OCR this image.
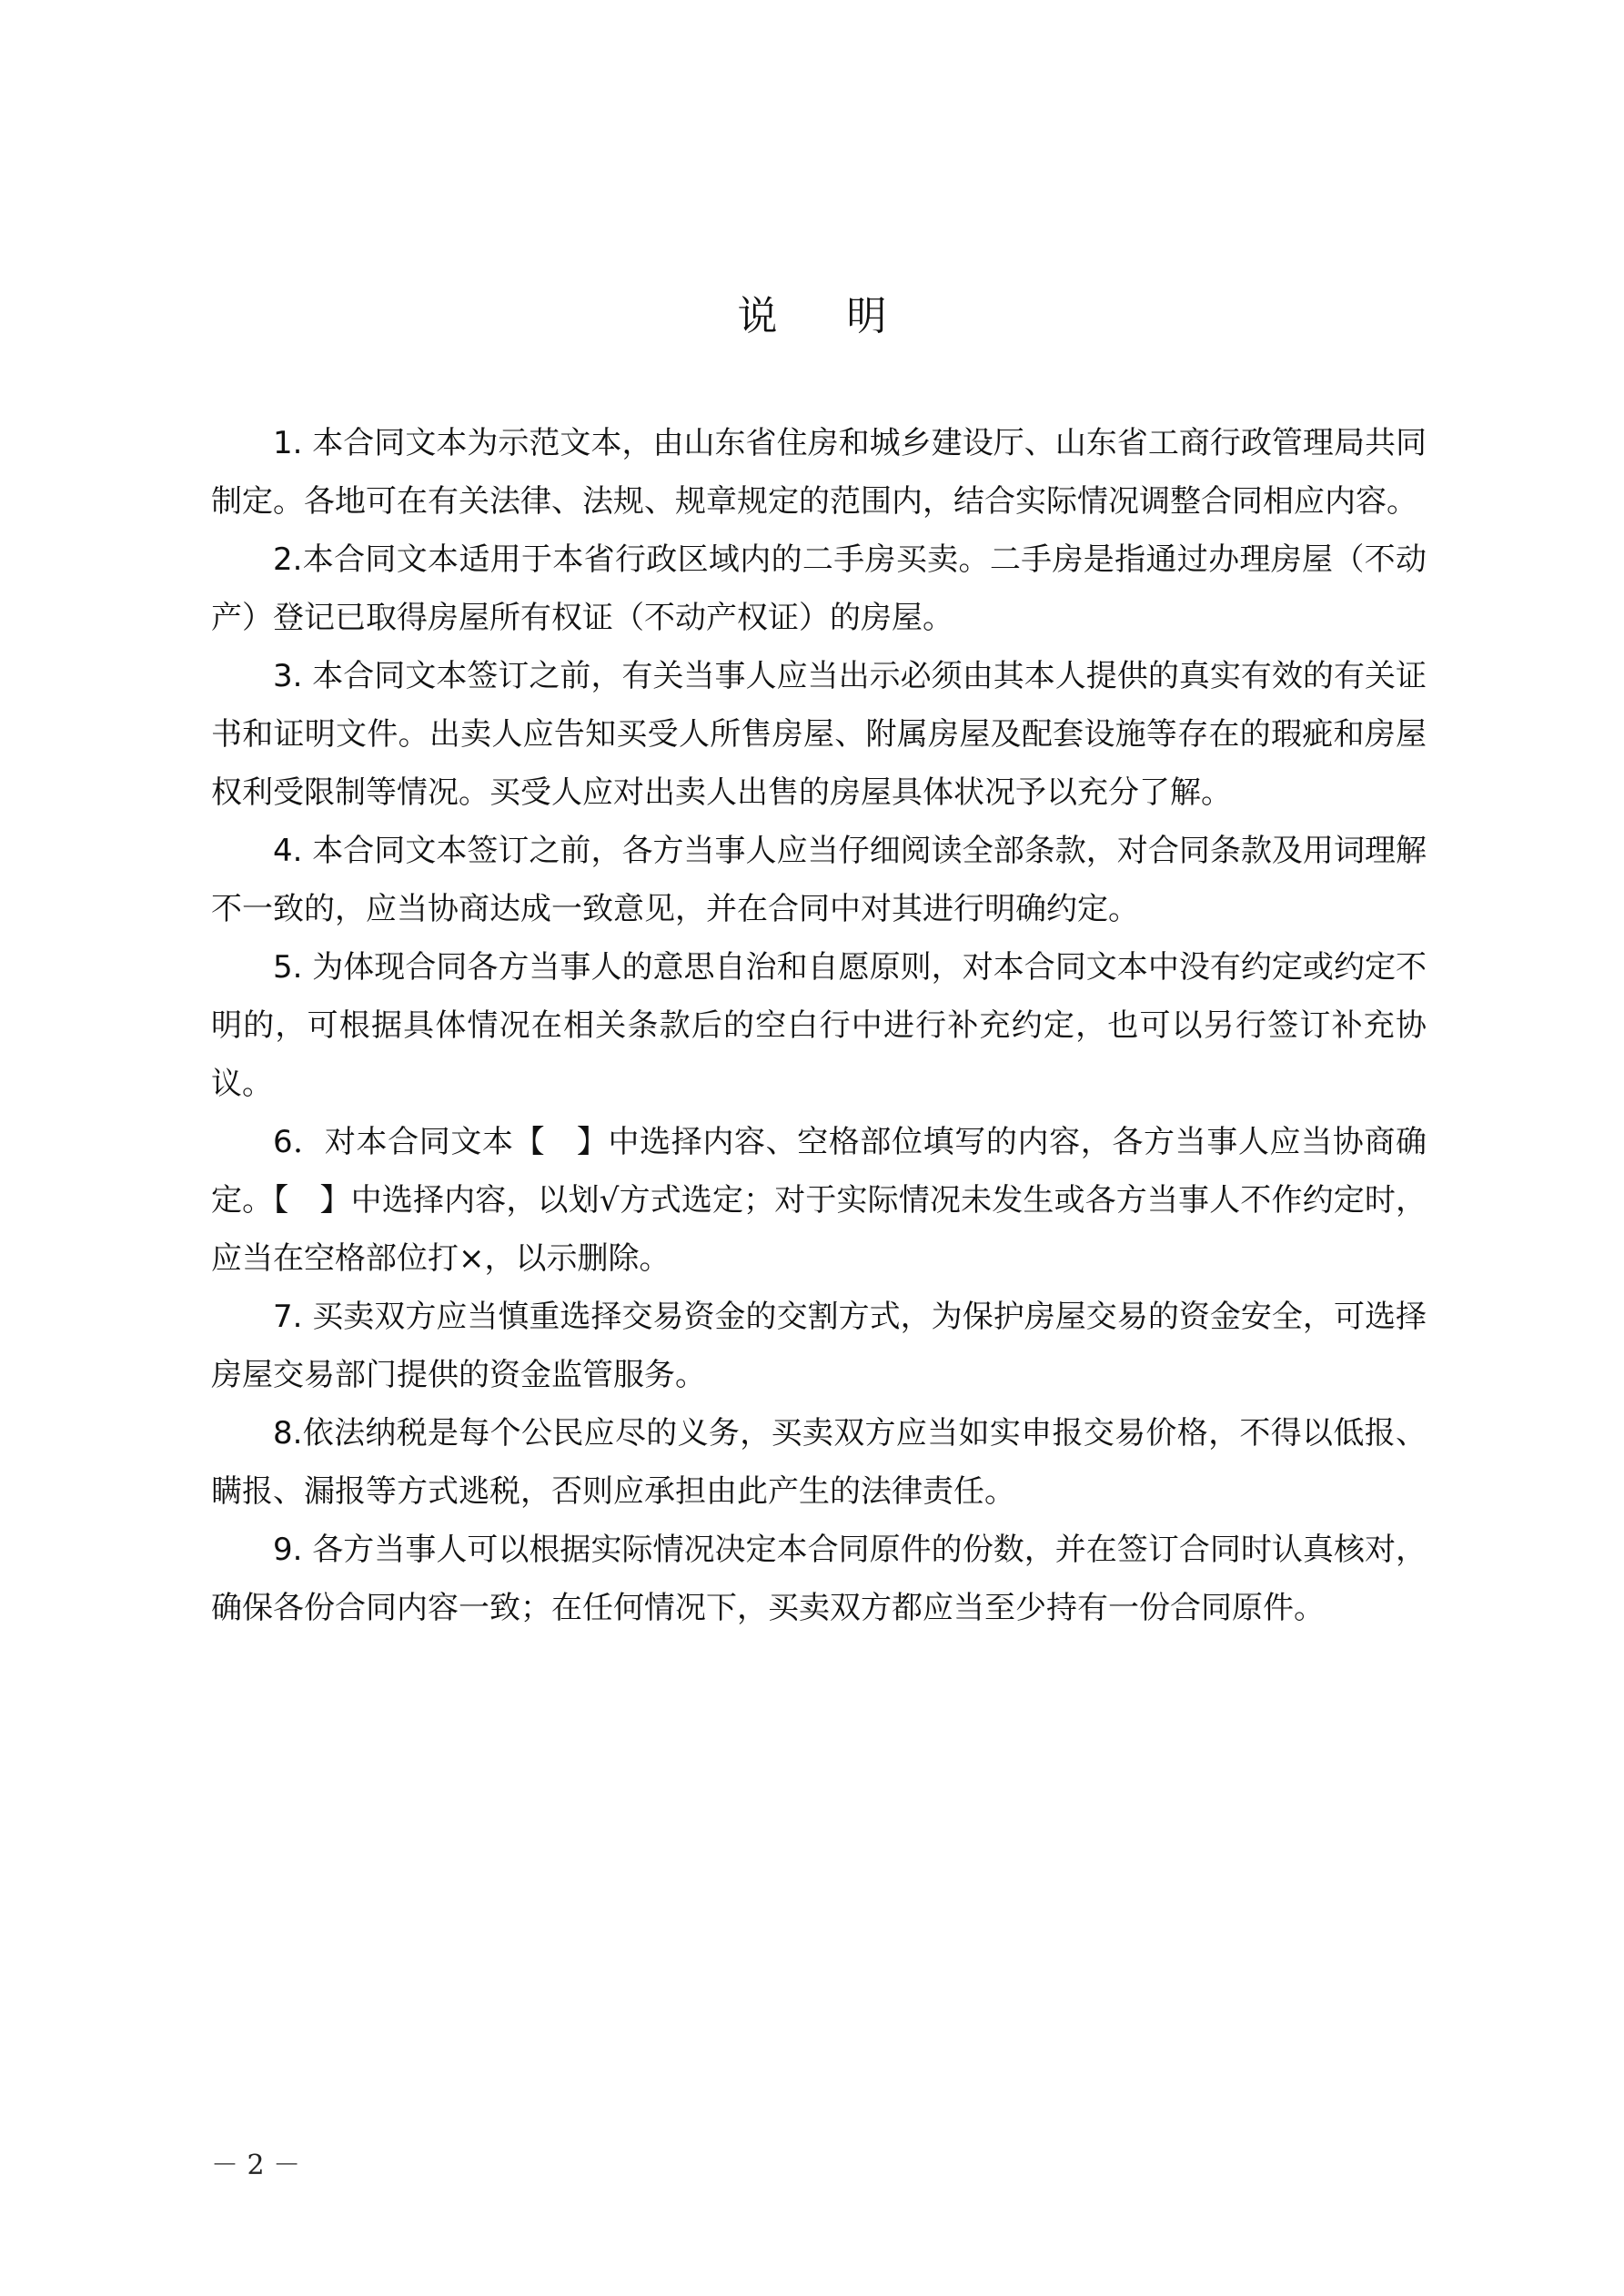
说明

1. 本合同文本为示范文本，由山东省住房和城乡建设厅、山东省工商行政管理局共同制定。各地可在有关法律、法规、规章规定的范围内，结合实际情况调整合同相应内容。

2.本合同文本适用于本省行政区域内的二手房买卖。二手房是指通过办理房屋（不动产）登记已取得房屋所有权证（不动产权证）的房屋。

3. 本合同文本签订之前，有关当事人应当出示必须由其本人提供的真实有效的有关证书和证明文件。出卖人应告知买受人所售房屋、附属房屋及配套设施等存在的瑕疵和房屋权利受限制等情况。买受人应对出卖人出售的房屋具体状况予以充分了解。

4. 本合同文本签订之前，各方当事人应当仔细阅读全部条款，对合同条款及用词理解不一致的，应当协商达成一致意见，并在合同中对其进行明确约定。

5. 为体现合同各方当事人的意思自治和自愿原则，对本合同文本中没有约定或约定不明的，可根据具体情况在相关条款后的空白行中进行补充约定，也可以另行签订补充协议。

6．对本合同文本【　】中选择内容、空格部位填写的内容，各方当事人应当协商确定。【　】中选择内容，以划√方式选定；对于实际情况未发生或各方当事人不作约定时，应当在空格部位打×，以示删除。

7. 买卖双方应当慎重选择交易资金的交割方式，为保护房屋交易的资金安全，可选择房屋交易部门提供的资金监管服务。

8.依法纳税是每个公民应尽的义务，买卖双方应当如实申报交易价格，不得以低报、瞒报、漏报等方式逃税，否则应承担由此产生的法律责任。

9. 各方当事人可以根据实际情况决定本合同原件的份数，并在签订合同时认真核对，确保各份合同内容一致；在任何情况下，买卖双方都应当至少持有一份合同原件。

－ 2 －
